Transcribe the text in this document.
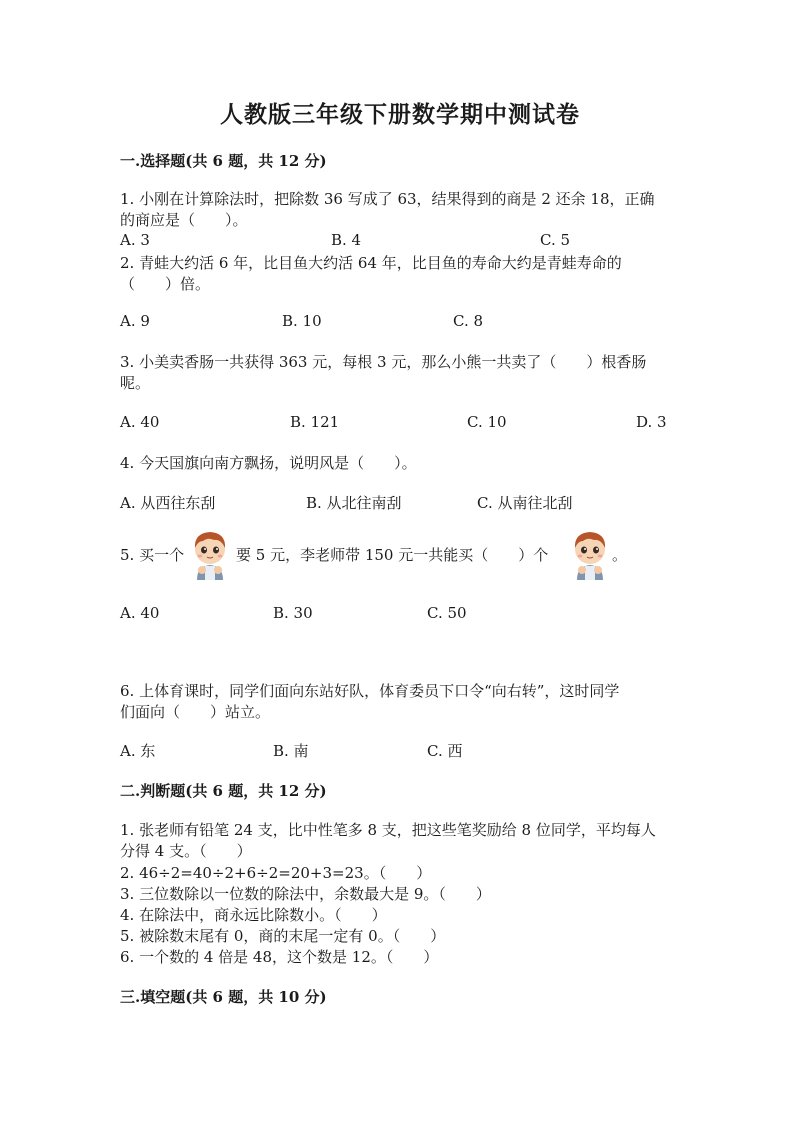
人教版三年级下册数学期中测试卷
一.选择题(共 6 题，共 12 分)
1. 小刚在计算除法时，把除数 36 写成了 63，结果得到的商是 2 还余 18，正确
的商应是（　　）。
A. 3	B. 4	C. 5
2. 青蛙大约活 6 年，比目鱼大约活 64 年，比目鱼的寿命大约是青蛙寿命的
（　　）倍。
A. 9	B. 10	C. 8
3. 小美卖香肠一共获得 363 元，每根 3 元，那么小熊一共卖了（　　）根香肠
呢。
A. 40	B. 121	C. 10	D. 3
4. 今天国旗向南方飘扬，说明风是（　　）。
A. 从西往东刮	B. 从北往南刮	C. 从南往北刮
5. 买一个	要 5 元，李老师带 150 元一共能买（　　）个	。
A. 40	B. 30	C. 50
6. 上体育课时，同学们面向东站好队，体育委员下口令“向右转”，这时同学
们面向（　　）站立。
A. 东	B. 南	C. 西
二.判断题(共 6 题，共 12 分)
1. 张老师有铅笔 24 支，比中性笔多 8 支，把这些笔奖励给 8 位同学，平均每人
分得 4 支。（　　）
2. 46÷2=40÷2+6÷2=20+3=23。（　　）
3. 三位数除以一位数的除法中，余数最大是 9。（　　）
4. 在除法中，商永远比除数小。（　　）
5. 被除数末尾有 0，商的末尾一定有 0。（　　）
6. 一个数的 4 倍是 48，这个数是 12。（　　）
三.填空题(共 6 题，共 10 分)
